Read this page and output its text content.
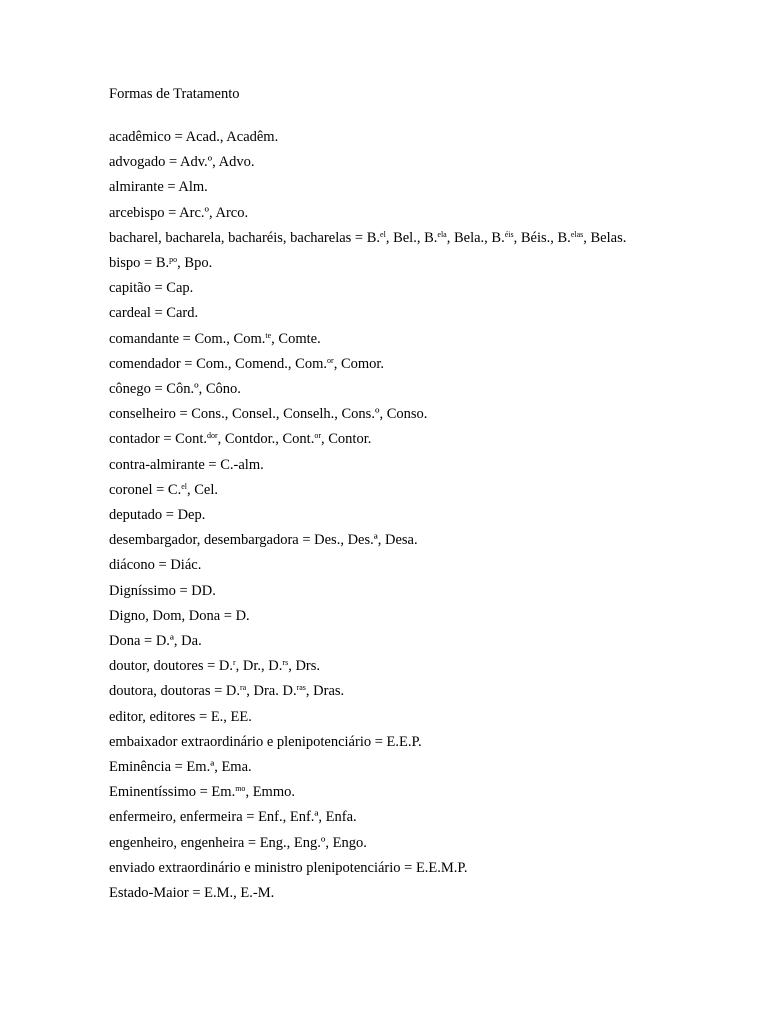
Formas de Tratamento
acadêmico = Acad., Acadêm.
advogado = Adv.º, Advo.
almirante = Alm.
arcebispo = Arc.º, Arco.
bacharel, bacharela, bacharéis, bacharelas = B.$^{el}$, Bel., B.$^{ela}$, Bela., B.$^{éis}$, Béis., B.$^{elas}$, Belas.
bispo = B.$^{po}$, Bpo.
capitão = Cap.
cardeal = Card.
comandante = Com., Com.$^{te}$, Comte.
comendador = Com., Comend., Com.$^{or}$, Comor.
cônego = Côn.º, Côno.
conselheiro = Cons., Consel., Conselh., Cons.º, Conso.
contador = Cont.$^{dor}$, Contdor., Cont.$^{or}$, Contor.
contra-almirante = C.-alm.
coronel = C.$^{el}$, Cel.
deputado = Dep.
desembargador, desembargadora = Des., Des.ª, Desa.
diácono = Diác.
Digníssimo = DD.
Digno, Dom, Dona = D.
Dona = D.ª, Da.
doutor, doutores = D.$^r$, Dr., D.$^{rs}$, Drs.
doutora, doutoras = D.$^{ra}$, Dra. D.$^{ras}$, Dras.
editor, editores = E., EE.
embaixador extraordinário e plenipotenciário = E.E.P.
Eminência = Em.ª, Ema.
Eminentíssimo = Em.$^{mo}$, Emmo.
enfermeiro, enfermeira = Enf., Enf.ª, Enfa.
engenheiro, engenheira = Eng., Eng.º, Engo.
enviado extraordinário e ministro plenipotenciário = E.E.M.P.
Estado-Maior = E.M., E.-M.
